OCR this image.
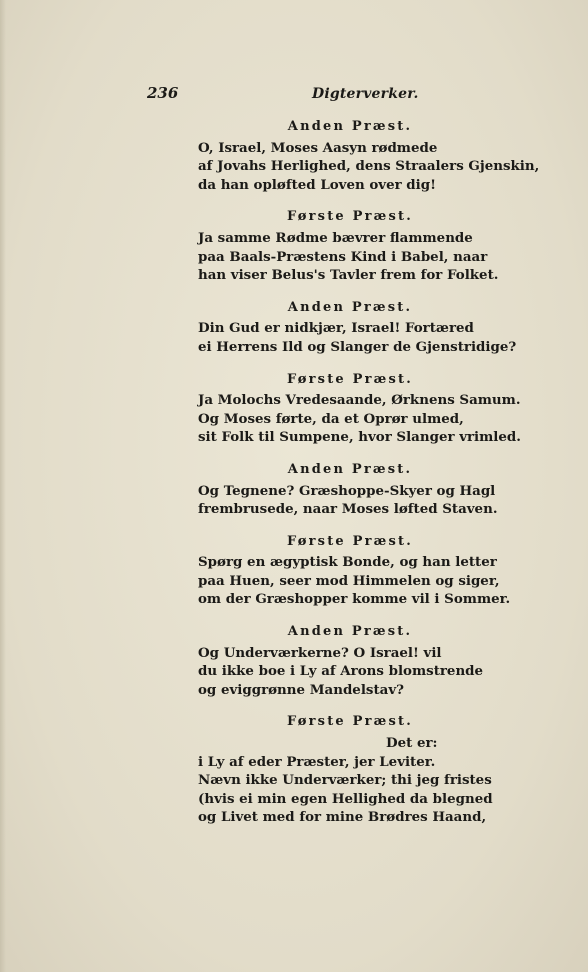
236	Digterverker.
Anden Præst.
O, Israel, Moses Aasyn rødmede
af Jovahs Herlighed, dens Straalers Gjenskin,
da han opløfted Loven over dig!
Første Præst.
Ja samme Rødme bævrer flammende
paa Baals-Præstens Kind i Babel, naar
han viser Belus's Tavler frem for Folket.
Anden Præst.
Din Gud er nidkjær, Israel! Fortæred
ei Herrens Ild og Slanger de Gjenstridige?
Første Præst.
Ja Molochs Vredesaande, Ørknens Samum.
Og Moses førte, da et Oprør ulmed,
sit Folk til Sumpene, hvor Slanger vrimled.
Anden Præst.
Og Tegnene? Græshoppe-Skyer og Hagl
frembrusede, naar Moses løfted Staven.
Første Præst.
Spørg en ægyptisk Bonde, og han letter
paa Huen, seer mod Himmelen og siger,
om der Græshopper komme vil i Sommer.
Anden Præst.
Og Underværkerne? O Israel! vil
du ikke boe i Ly af Arons blomstrende
og eviggrønne Mandelstav?
Første Præst.
Det er:
i Ly af eder Præster, jer Leviter.
Nævn ikke Underværker; thi jeg fristes
(hvis ei min egen Hellighed da blegned
og Livet med for mine Brødres Haand,
